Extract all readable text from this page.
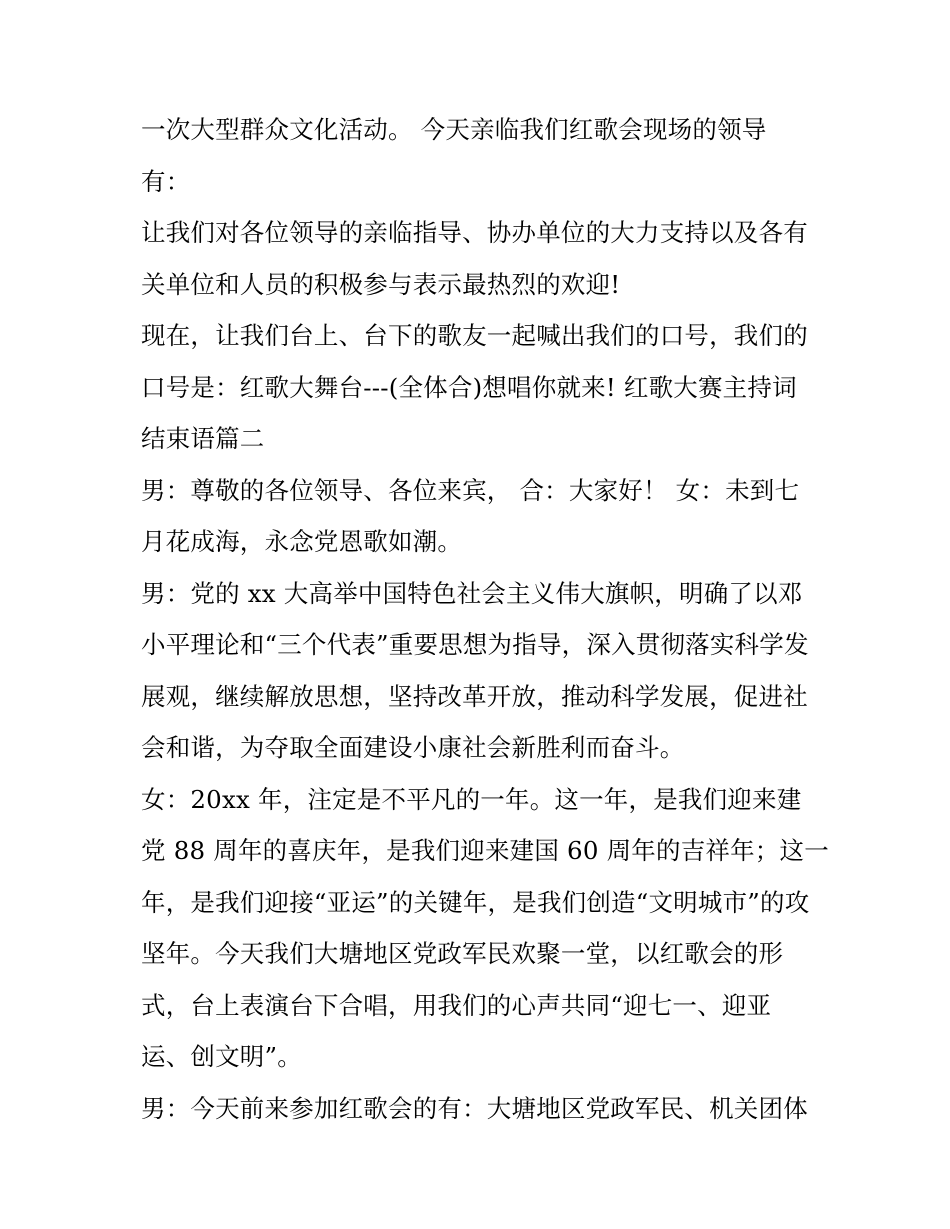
一次大型群众文化活动。 今天亲临我们红歌会现场的领导
有：
让我们对各位领导的亲临指导、协办单位的大力支持以及各有
关单位和人员的积极参与表示最热烈的欢迎!
现在，让我们台上、台下的歌友一起喊出我们的口号，我们的
口号是：红歌大舞台---(全体合)想唱你就来! 红歌大赛主持词
结束语篇二
男：尊敬的各位领导、各位来宾， 合：大家好！ 女：未到七
月花成海，永念党恩歌如潮。
男：党的 xx 大高举中国特色社会主义伟大旗帜，明确了以邓
小平理论和“三个代表”重要思想为指导，深入贯彻落实科学发
展观，继续解放思想，坚持改革开放，推动科学发展，促进社
会和谐，为夺取全面建设小康社会新胜利而奋斗。
女：20xx 年，注定是不平凡的一年。这一年，是我们迎来建
党 88 周年的喜庆年，是我们迎来建国 60 周年的吉祥年；这一
年，是我们迎接“亚运”的关键年，是我们创造“文明城市”的攻
坚年。今天我们大塘地区党政军民欢聚一堂，以红歌会的形
式，台上表演台下合唱，用我们的心声共同“迎七一、迎亚
运、创文明”。
男：今天前来参加红歌会的有：大塘地区党政军民、机关团体
